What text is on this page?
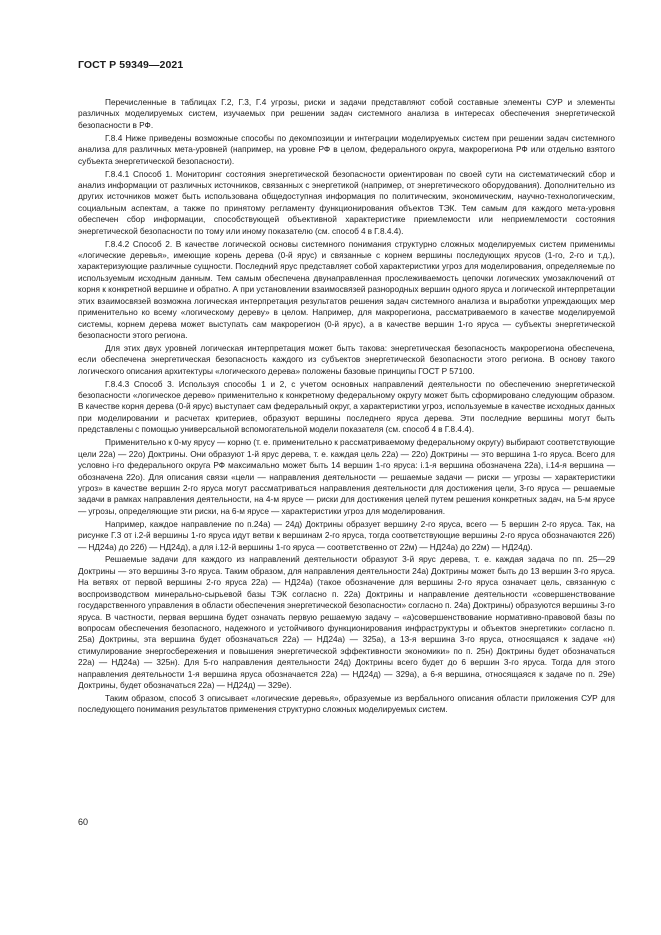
ГОСТ Р 59349—2021

Перечисленные в таблицах Г.2, Г.3, Г.4 угрозы, риски и задачи представляют собой составные элементы СУР и элементы различных моделируемых систем, изучаемых при решении задач системного анализа в интересах обеспечения энергетической безопасности в РФ.

Г.8.4 Ниже приведены возможные способы по декомпозиции и интеграции моделируемых систем при решении задач системного анализа для различных мета-уровней (например, на уровне РФ в целом, федерального округа, макрорегиона РФ или отдельно взятого субъекта энергетической безопасности).

Г.8.4.1 Способ 1. Мониторинг состояния энергетической безопасности ориентирован по своей сути на систематический сбор и анализ информации от различных источников, связанных с энергетикой (например, от энергетического оборудования). Дополнительно из других источников может быть использована общедоступная информация по политическим, экономическим, научно-технологическим, социальным аспектам, а также по принятому регламенту функционирования объектов ТЭК. Тем самым для каждого мета-уровня обеспечен сбор информации, способствующей объективной характеристике приемлемости или неприемлемости состояния энергетической безопасности по тому или иному показателю (см. способ 4 в Г.8.4.4).

Г.8.4.2 Способ 2. В качестве логической основы системного понимания структурно сложных моделируемых систем применимы «логические деревья», имеющие корень дерева (0-й ярус) и связанные с корнем вершины последующих ярусов (1-го, 2-го и т.д.), характеризующие различные сущности. Последний ярус представляет собой характеристики угроз для моделирования, определяемые по используемым исходным данным. Тем самым обеспечена двунаправленная прослеживаемость цепочки логических умозаключений от корня к конкретной вершине и обратно. А при установлении взаимосвязей разнородных вершин одного яруса и логической интерпретации этих взаимосвязей возможна логическая интерпретация результатов решения задач системного анализа и выработки упреждающих мер применительно ко всему «логическому дереву» в целом. Например, для макрорегиона, рассматриваемого в качестве моделируемой системы, корнем дерева может выступать сам макрорегион (0-й ярус), а в качестве вершин 1-го яруса — субъекты энергетической безопасности этого региона.

Для этих двух уровней логическая интерпретация может быть такова: энергетическая безопасность макрорегиона обеспечена, если обеспечена энергетическая безопасность каждого из субъектов энергетической безопасности этого региона. В основу такого логического описания архитектуры «логического дерева» положены базовые принципы ГОСТ Р 57100.

Г.8.4.3 Способ 3. Используя способы 1 и 2, с учетом основных направлений деятельности по обеспечению энергетической безопасности «логическое дерево» применительно к конкретному федеральному округу может быть сформировано следующим образом. В качестве корня дерева (0-й ярус) выступает сам федеральный округ, а характеристики угроз, используемые в качестве исходных данных при моделировании и расчетах критериев, образуют вершины последнего яруса дерева. Эти последние вершины могут быть представлены с помощью универсальной вспомогательной модели показателя (см. способ 4 в Г.8.4.4).

Применительно к 0-му ярусу — корню (т. е. применительно к рассматриваемому федеральному округу) выбирают соответствующие цели 22а) — 22о) Доктрины. Они образуют 1-й ярус дерева, т. е. каждая цель 22а) — 22о) Доктрины — это вершина 1-го яруса. Всего для условно i-го федерального округа РФ максимально может быть 14 вершин 1-го яруса: i.1-я вершина обозначена 22а), i.14-я вершина — обозначена 22о). Для описания связи «цели — направления деятельности — решаемые задачи — риски — угрозы — характеристики угроз» в качестве вершин 2-го яруса могут рассматриваться направления деятельности для достижения цели, 3-го яруса — решаемые задачи в рамках направления деятельности, на 4-м ярусе — риски для достижения целей путем решения конкретных задач, на 5-м ярусе — угрозы, определяющие эти риски, на 6-м ярусе — характеристики угроз для моделирования.

Например, каждое направление по п.24а) — 24д) Доктрины образует вершину 2-го яруса, всего — 5 вершин 2-го яруса. Так, на рисунке Г.3 от i.2-й вершины 1-го яруса идут ветви к вершинам 2-го яруса, тогда соответствующие вершины 2-го яруса обозначаются 22б) — НД24а) до 22б) — НД24д), а для i.12-й вершины 1-го яруса — соответственно от 22м) — НД24а) до 22м) — НД24д).

Решаемые задачи для каждого из направлений деятельности образуют 3-й ярус дерева, т. е. каждая задача по пп. 25—29 Доктрины — это вершины 3-го яруса. Таким образом, для направления деятельности 24а) Доктрины может быть до 13 вершин 3-го яруса. На ветвях от первой вершины 2-го яруса 22а) — НД24а) (такое обозначение для вершины 2-го яруса означает цель, связанную с воспроизводством минерально-сырьевой базы ТЭК согласно п. 22а) Доктрины и направление деятельности «совершенствование государственного управления в области обеспечения энергетической безопасности» согласно п. 24а) Доктрины) образуются вершины 3-го яруса. В частности, первая вершина будет означать первую решаемую задачу – «а)совершенствование нормативно-правовой базы по вопросам обеспечения безопасного, надежного и устойчивого функционирования инфраструктуры и объектов энергетики» согласно п. 25а) Доктрины, эта вершина будет обозначаться 22а) — НД24а) — 325а), а 13-я вершина 3-го яруса, относящаяся к задаче «н) стимулирование энергосбережения и повышения энергетической эффективности экономики» по п. 25н) Доктрины будет обозначаться 22а) — НД24а) — 325н). Для 5-го направления деятельности 24д) Доктрины всего будет до 6 вершин 3-го яруса. Тогда для этого направления деятельности 1-я вершина яруса обозначается 22а) — НД24д) — 329а), а 6-я вершина, относящаяся к задаче по п. 29е) Доктрины, будет обозначаться 22а) — НД24д) — 329е).

Таким образом, способ 3 описывает «логические деревья», образуемые из вербального описания области приложения СУР для последующего понимания результатов применения структурно сложных моделируемых систем.

60
